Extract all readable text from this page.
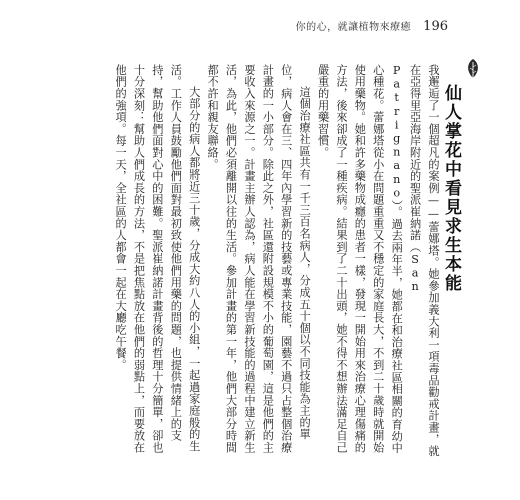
你的心，就讓植物來療癒 196
仙人掌花中看見求生本能

我邂逅了一個超凡的案例——蕾娜塔。她參加義大利一項毒品勸戒計畫，就在亞得里亞海岸附近的聖派崔納諾（San Patrignano）。過去兩年半，她都在和治療社區相關的育幼中心種花。蕾娜塔從小在問題重重又不穩定的家庭長大，不到二十歲時就開始使用藥物。她和許多藥物成癮的患者一樣，發現一開始用來治療心理傷痛的方法，後來卻成了一種疾病。結果到了二十出頭，她不得不想辦法滿足自己嚴重的用藥習慣。

這個治療社區共有一千三百名病人，分成五十個以不同技能為主的單位，病人會在三、四年內學習新的技藝或專業技能，園藝不過只占整個治療計畫的一小部分。除此之外，社區還附設規模不小的葡萄園，這是他們的主要收入來源之一。計畫主辦人認為，病人能在學習新技能的過程中建立新生活，為此，他們必須離開以往的生活。參加計畫的第一年，他們大部分時間都不許和親友聯絡。

大部分的病人都將近三十歲，分成大約八人的小組，一起過家庭般的生活。工作人員鼓勵他們面對最初致使他們用藥的問題，也提供情緒上的支持，幫助他們面對心中的困難。聖派崔納諾計畫背後的哲理十分簡單，卻也十分深刻：幫助人們成長的方法，不是把焦點放在他們的弱點上，而要放在他們的強項。每一天，全社區的人都會一起在大廳吃午餐。
